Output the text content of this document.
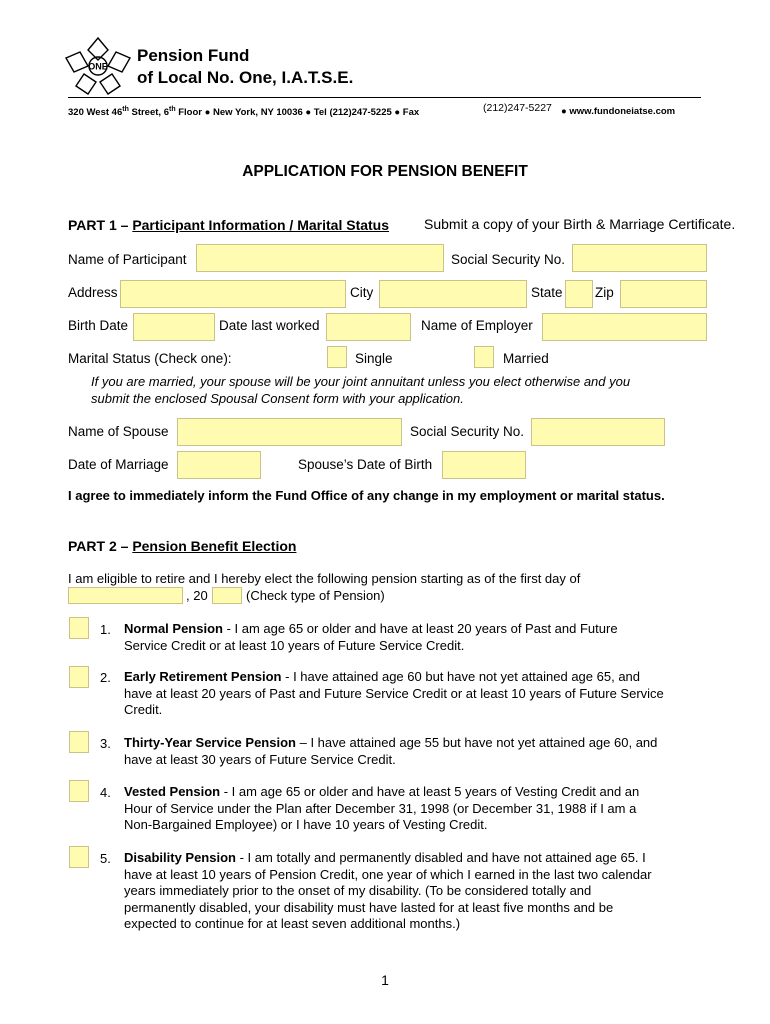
ONE
Pension Fund
of Local No. One, I.A.T.S.E.
320 West 46th Street, 6th Floor ● New York, NY 10036 ● Tel (212)247-5225 ● Fax	(212)247-5227 ● www.fundoneiatse.com
APPLICATION FOR PENSION BENEFIT
PART 1 – Participant Information / Marital Status Submit a copy of your Birth & Marriage Certificate.
Name of Participant	Social Security No.
Address	City	State Zip
Birth Date	Date last worked	Name of Employer
Marital Status (Check one):	Single	Married
If you are married, your spouse will be your joint annuitant unless you elect otherwise and you
submit the enclosed Spousal Consent form with your application.
Name of Spouse	Social Security No.
Date of Marriage	Spouse’s Date of Birth
I agree to immediately inform the Fund Office of any change in my employment or marital status.
PART 2 – Pension Benefit Election
I am eligible to retire and I hereby elect the following pension starting as of the first day of
, 20	(Check type of Pension)
1. Normal Pension - I am age 65 or older and have at least 20 years of Past and Future
Service Credit or at least 10 years of Future Service Credit.
2. Early Retirement Pension - I have attained age 60 but have not yet attained age 65, and
have at least 20 years of Past and Future Service Credit or at least 10 years of Future Service
Credit.
3. Thirty-Year Service Pension – I have attained age 55 but have not yet attained age 60, and
have at least 30 years of Future Service Credit.
4. Vested Pension - I am age 65 or older and have at least 5 years of Vesting Credit and an
Hour of Service under the Plan after December 31, 1998 (or December 31, 1988 if I am a
Non-Bargained Employee) or I have 10 years of Vesting Credit.
5. Disability Pension - I am totally and permanently disabled and have not attained age 65. I
have at least 10 years of Pension Credit, one year of which I earned in the last two calendar
years immediately prior to the onset of my disability. (To be considered totally and
permanently disabled, your disability must have lasted for at least five months and be
expected to continue for at least seven additional months.)
1
